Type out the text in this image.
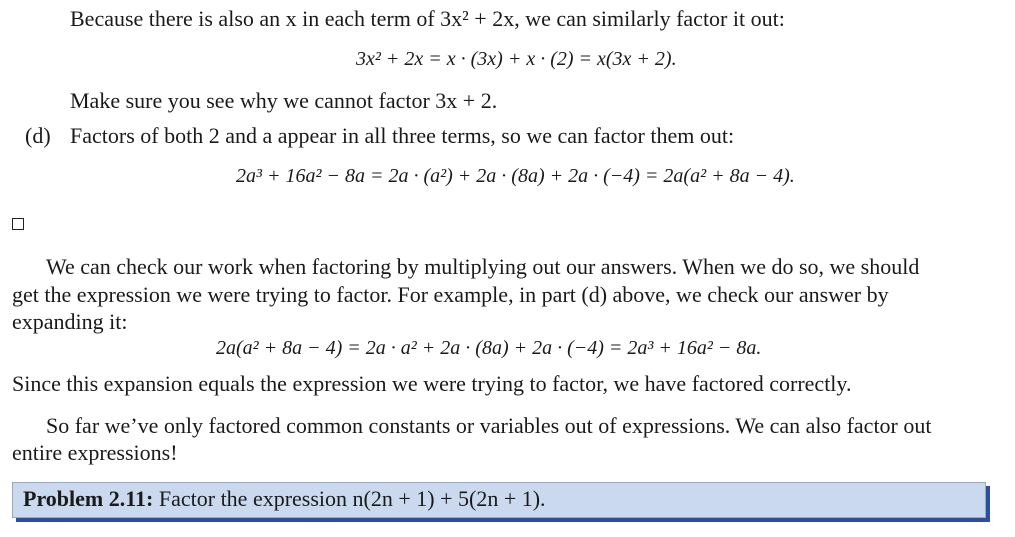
Because there is also an x in each term of 3x² + 2x, we can similarly factor it out:
3x² + 2x = x · (3x) + x · (2) = x(3x + 2).
Make sure you see why we cannot factor 3x + 2.
(d) Factors of both 2 and a appear in all three terms, so we can factor them out:
2a³ + 16a² − 8a = 2a · (a²) + 2a · (8a) + 2a · (−4) = 2a(a² + 8a − 4).
We can check our work when factoring by multiplying out our answers. When we do so, we should
get the expression we were trying to factor. For example, in part (d) above, we check our answer by
expanding it:
2a(a² + 8a − 4) = 2a · a² + 2a · (8a) + 2a · (−4) = 2a³ + 16a² − 8a.
Since this expansion equals the expression we were trying to factor, we have factored correctly.
So far we’ve only factored common constants or variables out of expressions. We can also factor out
entire expressions!
Problem 2.11: Factor the expression n(2n + 1) + 5(2n + 1).
